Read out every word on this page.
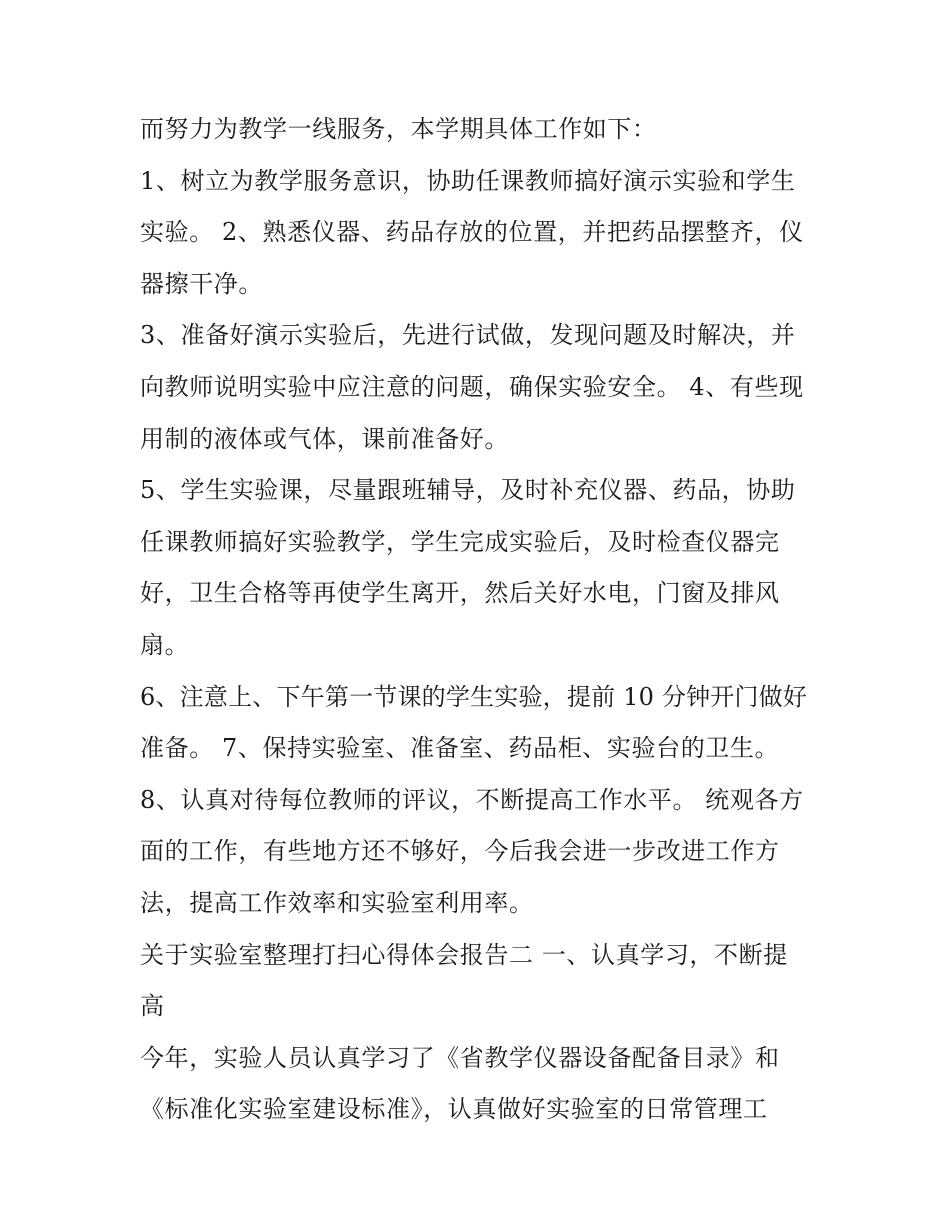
而努力为教学一线服务，本学期具体工作如下：
1、树立为教学服务意识，协助任课教师搞好演示实验和学生
实验。 2、熟悉仪器、药品存放的位置，并把药品摆整齐，仪
器擦干净。
3、准备好演示实验后，先进行试做，发现问题及时解决，并
向教师说明实验中应注意的问题，确保实验安全。 4、有些现
用制的液体或气体，课前准备好。
5、学生实验课，尽量跟班辅导，及时补充仪器、药品，协助
任课教师搞好实验教学，学生完成实验后，及时检查仪器完
好，卫生合格等再使学生离开，然后关好水电，门窗及排风
扇。
6、注意上、下午第一节课的学生实验，提前 10 分钟开门做好
准备。 7、保持实验室、准备室、药品柜、实验台的卫生。
8、认真对待每位教师的评议，不断提高工作水平。 统观各方
面的工作，有些地方还不够好，今后我会进一步改进工作方
法，提高工作效率和实验室利用率。
关于实验室整理打扫心得体会报告二 一、认真学习，不断提
高
今年，实验人员认真学习了《省教学仪器设备配备目录》和
《标准化实验室建设标准》，认真做好实验室的日常管理工
